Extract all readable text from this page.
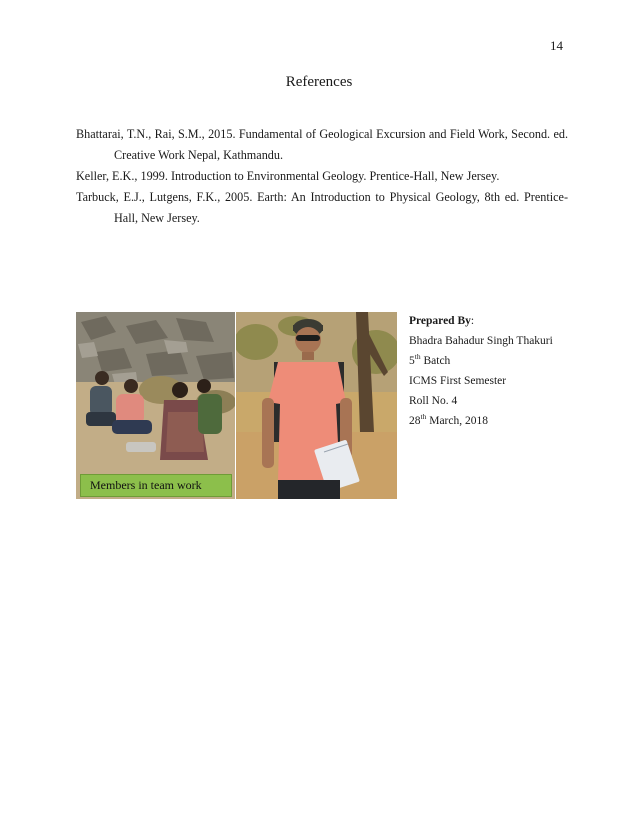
14
References

Bhattarai, T.N., Rai, S.M., 2015. Fundamental of Geological Excursion and Field Work, Second. ed. Creative Work Nepal, Kathmandu.

Keller, E.K., 1999. Introduction to Environmental Geology. Prentice-Hall, New Jersey.

Tarbuck, E.J., Lutgens, F.K., 2005. Earth: An Introduction to Physical Geology, 8th ed. Prentice-Hall, New Jersey.

Members in team work
Prepared By:
Bhadra Bahadur Singh Thakuri
5th Batch
ICMS First Semester
Roll No. 4
28th March, 2018
